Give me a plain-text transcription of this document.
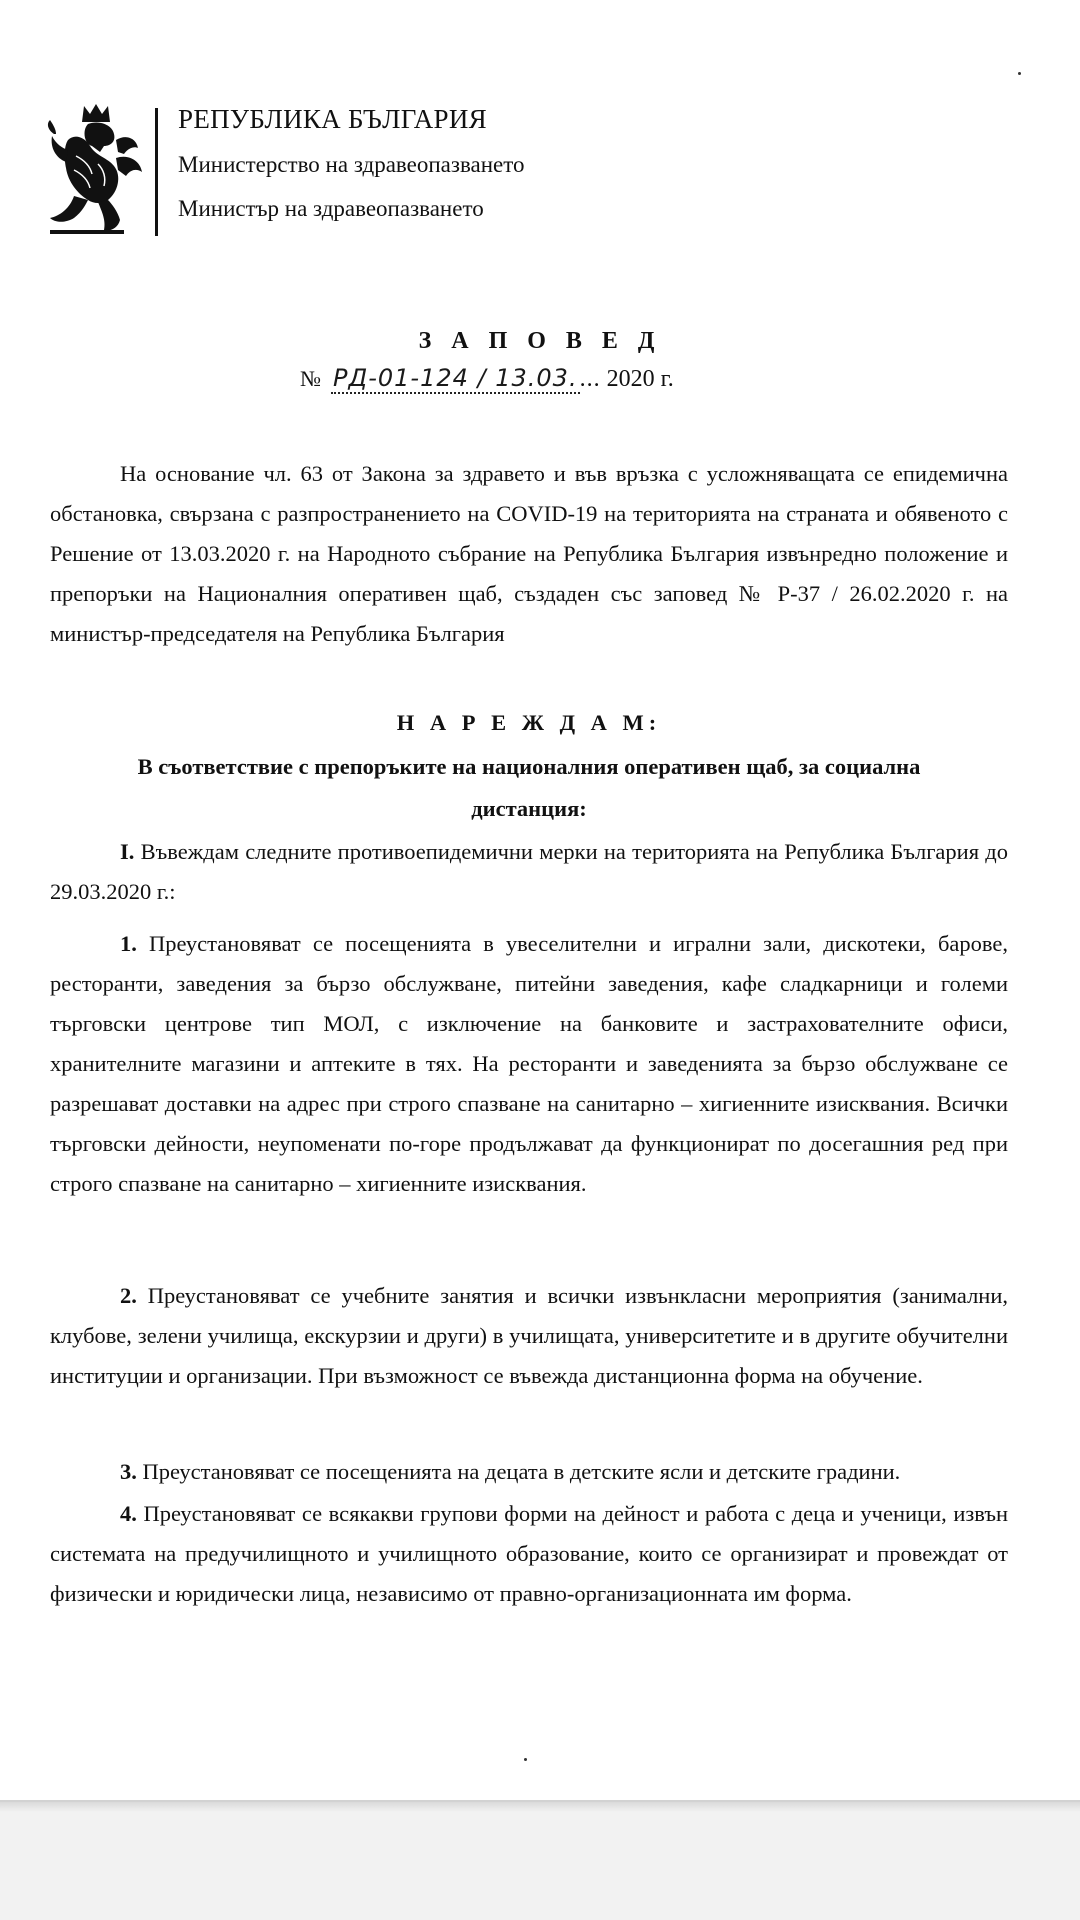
РЕПУБЛИКА БЪЛГАРИЯ
Министерство на здравеопазването
Министър на здравеопазването
З А П О В Е Д
№ РД-01-124 / 13.03.... 2020 г.

На основание чл. 63 от Закона за здравето и във връзка с усложняващата се епидемична обстановка, свързана с разпространението на COVID-19 на територията на страната и обявеното с Решение от 13.03.2020 г. на Народното събрание на Република България извънредно положение и препоръки на Националния оперативен щаб, създаден със заповед № Р-37 / 26.02.2020 г. на министър-председателя на Република България

Н А Р Е Ж Д А М:
В съответствие с препоръките на националния оперативен щаб, за социална дистанция:

I. Въвеждам следните противоепидемични мерки на територията на Република България до 29.03.2020 г.:

1. Преустановяват се посещенията в увеселителни и игрални зали, дискотеки, барове, ресторанти, заведения за бързо обслужване, питейни заведения, кафе сладкарници и големи търговски центрове тип МОЛ, с изключение на банковите и застрахователните офиси, хранителните магазини и аптеките в тях. На ресторанти и заведенията за бързо обслужване се разрешават доставки на адрес при строго спазване на санитарно – хигиенните изисквания. Всички търговски дейности, неупоменати по-горе продължават да функционират по досегашния ред при строго спазване на санитарно – хигиенните изисквания.

2. Преустановяват се учебните занятия и всички извънкласни мероприятия (занимални, клубове, зелени училища, екскурзии и други) в училищата, университетите и в другите обучителни институции и организации. При възможност се въвежда дистанционна форма на обучение.

3. Преустановяват се посещенията на децата в детските ясли и детските градини.

4. Преустановяват се всякакви групови форми на дейност и работа с деца и ученици, извън системата на предучилищното и училищното образование, които се организират и провеждат от физически и юридически лица, независимо от правно-организационната им форма.
